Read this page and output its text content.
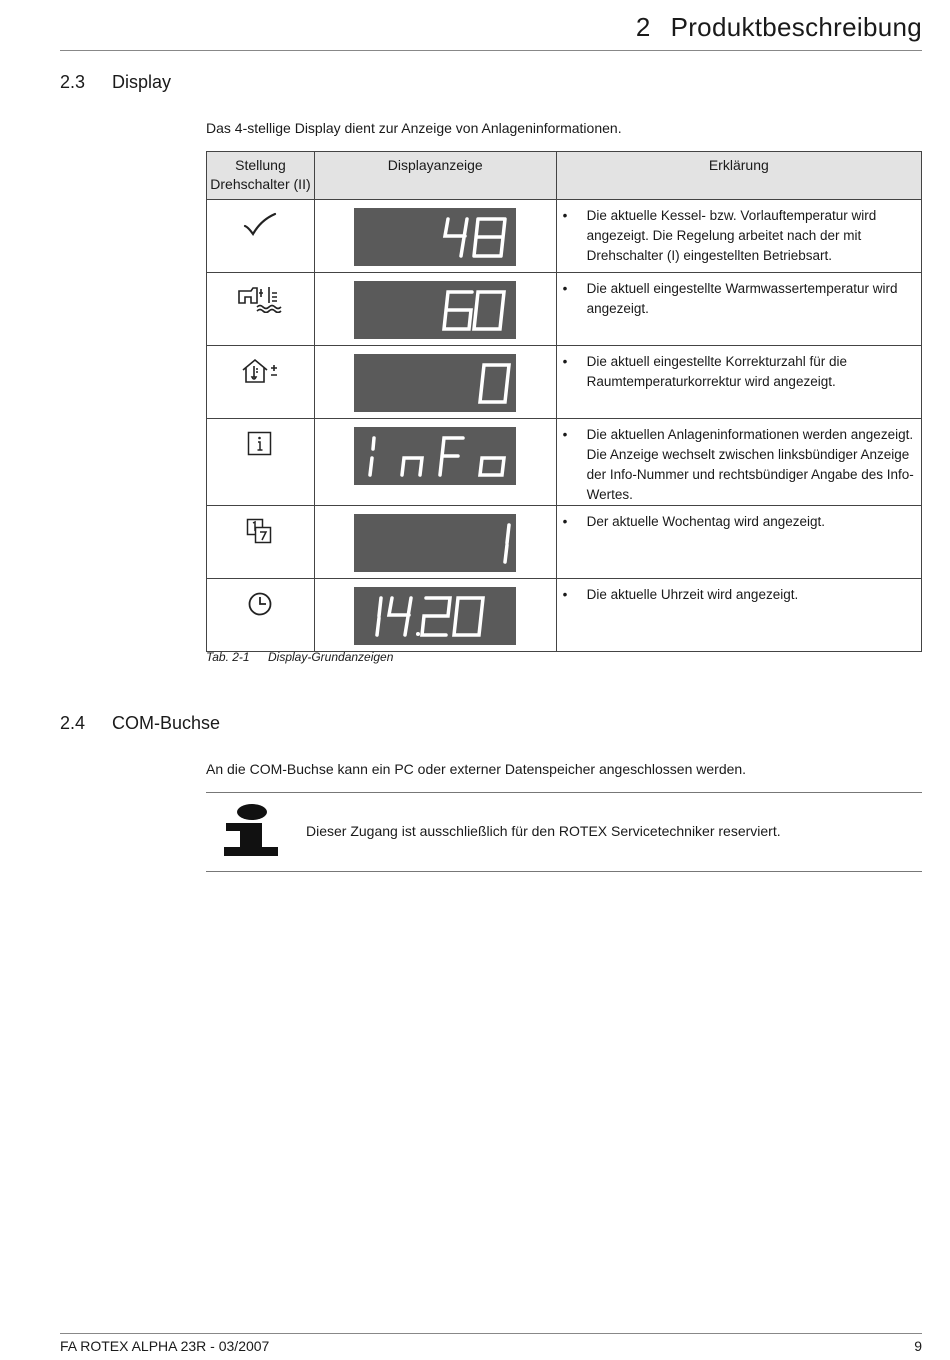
2 Produktbeschreibung
2.3 Display
Das 4-stellige Display dient zur Anzeige von Anlageninformationen.
Stellung
Drehschalter (II)	Displayanzeige	Erklärung

• Die aktuelle Kessel- bzw. Vorlauftemperatur wird angezeigt. Die Regelung arbeitet nach der mit Drehschalter (I) eingestellten Betriebsart.

• Die aktuell eingestellte Warmwassertemperatur wird angezeigt.

• Die aktuell eingestellte Korrekturzahl für die Raumtemperaturkorrektur wird angezeigt.

• Die aktuellen Anlageninformationen werden angezeigt. Die Anzeige wechselt zwischen linksbündiger Anzeige der Info-Nummer und rechtsbündiger Angabe des Info-Wertes.

• Der aktuelle Wochentag wird angezeigt.

• Die aktuelle Uhrzeit wird angezeigt.
Tab. 2-1 Display-Grundanzeigen
2.4 COM-Buchse
An die COM-Buchse kann ein PC oder externer Datenspeicher angeschlossen werden.
Dieser Zugang ist ausschließlich für den ROTEX Servicetechniker reserviert.
FA ROTEX ALPHA 23R - 03/2007	9
